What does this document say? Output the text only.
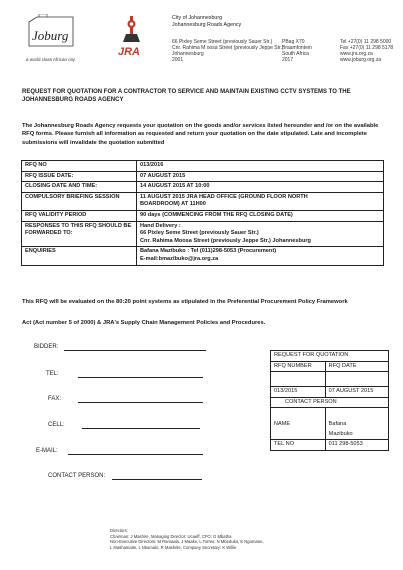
Joburg
a world class African city
JRA
City of Johannesburg
Johannesburg Roads Agency
66 Pixley Seme Street (previously Sauer Str.)
Cnr. Rahima M oosa Street (previously Jeppe Str.)
Johannesburg
2001
PBag X70
Braamfontein
South Africa
2017
Tel +27(0) 11 298 5000
Fax +27(0) 11 298 5178
www.jra.org.za
www.joburg.org.za
REQUEST FOR QUOTATION FOR A CONTRACTOR TO SERVICE AND MAINTAIN EXISTING CCTV SYSTEMS TO THE JOHANNESBURG ROADS AGENCY
The Johannesburg Roads Agency requests your quotation on the goods and/or services listed hereunder and /or on the available RFQ forms. Please furnish all information as requested and return your quotation on the date stipulated. Late and incomplete submissions will invalidate the quotation submitted
RFQ NO	013/2016
RFQ ISSUE DATE:	07 AUGUST 2015
CLOSING DATE AND TIME:	14 AUGUST 2015 AT 10:00
COMPULSORY BRIEFING SESSION	11 AUGUST 2015 JRA HEAD OFFICE (GROUND FLOOR NORTH
BOARDROOM) AT 11H00

RFQ VALIDITY PERIOD	90 days (COMMENCING FROM THE RFQ CLOSING DATE)
RESPONSES TO THIS RFQ SHOULD BE FORWARDED TO:	Hand Delivery :
66 Pixley Seme Street (previously Sauer Str.)
Cnr. Rahima Moosa Street (previously Jeppe Str.) Johannesburg

ENQUIRIES	Bafana Mazibuko : Tel (011)298-5053 (Procurement)
E-mail:bmazibuko@jra.org.za
This RFQ will be evaluated on the 80:20 point systems as stipulated in the Preferential Procurement Policy Framework
Act (Act number 5 of 2000) & JRA's Supply Chain Management Policies and Procedures.
BIDDER:
TEL:
FAX:
CELL:
E-MAIL:
CONTACT PERSON:
REQUEST FOR QUOTATION	
RFQ NUMBER	RFQ DATE

013/2015	07 AUGUST 2015
CONTACT PERSON	

NAME	Bafana
	Mazibuko
TEL NO	011 298-5053
Directors:
Chairman: J Mashire, Managing Director: Ucaeff, CFO: G Mbatha
Non-Executive Directors: M Ramaala, J Maake, L Torres, N Mbeduka, E Ngomane,
L Mashamaite, L Nkumalo, R Mashele, Company Secretary: K Willie
